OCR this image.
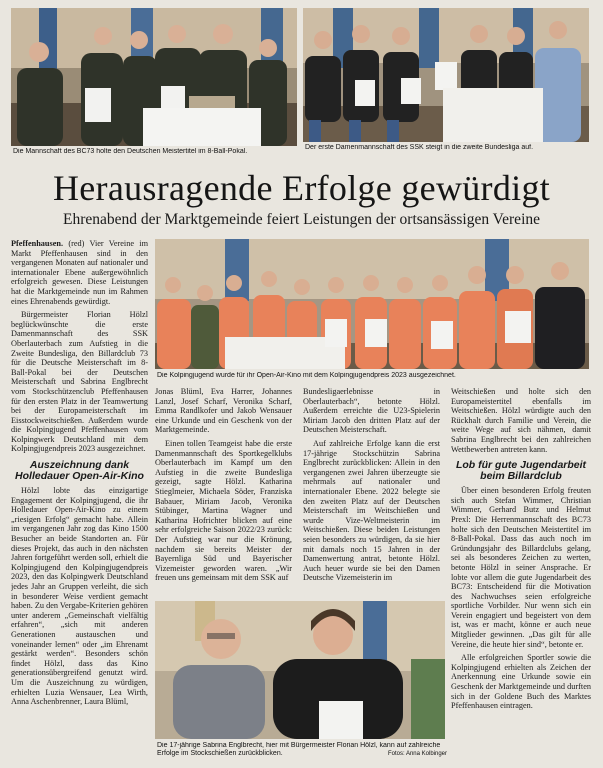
Die Mannschaft des BC73 holte den Deutschen Meistertitel im 8-Ball-Pokal.
Der erste Damenmannschaft des SSK steigt in die zweite Bundesliga auf.
Herausragende Erfolge gewürdigt
Ehrenabend der Marktgemeinde feiert Leistungen der ortsansässigen Vereine

Pfeffenhausen. (red) Vier Vereine im Markt Pfeffenhausen sind in den vergangenen Monaten auf nationaler und internationaler Ebene außergewöhnlich erfolgreich gewesen. Diese Leistungen hat die Marktgemeinde nun im Rahmen eines Ehrenabends gewürdigt.

Bürgermeister Florian Hölzl beglückwünschte die erste Damenmannschaft des SSK Oberlauterbach zum Aufstieg in die Zweite Bundesliga, den Billardclub 73 für die Deutsche Meisterschaft im 8-Ball-Pokal bei der Deutschen Meisterschaft und Sabrina Englbrecht vom Stockschützenclub Pfeffenhausen für den ersten Platz in der Teamwertung bei der Europameisterschaft im Eisstockweitschießen. Außerdem wurde die Kolpingjugend Pfeffenhausen vom Kolpingwerk Deutschland mit dem Kolpingjugendpreis 2023 ausgezeichnet.

Auszeichnung dank Holledauer Open-Air-Kino

Hölzl lobte das einzigartige Engagement der Kolpingjugend, die ihr Holledauer Open-Air-Kino zu einem „riesigen Erfolg“ gemacht habe. Allein im vergangenen Jahr zog das Kino 1500 Besucher an beide Standorten an. Für dieses Projekt, das auch in den nächsten Jahren fortgeführt werden soll, erhielt die Kolpingjugend den Kolpingjugendpreis 2023, den das Kolpingwerk Deutschland jedes Jahr an Gruppen verleiht, die sich in besonderer Weise verdient gemacht haben. Zu den Vergabe-Kriterien gehören unter anderem „Gemeinschaft vielfältig erfahren“, „sich mit anderen Generationen austauschen und voneinander lernen“ oder „im Ehrenamt gestärkt werden“. Besonders schön findet Hölzl, dass das Kino generationsübergreifend genutzt wird. Um die Auszeichnung zu würdigen, erhielten Luzia Wensauer, Lea Wirth, Anna Aschenbrenner, Laura Blüml,

Die Kolpingjugend wurde für ihr Open-Air-Kino mit dem Kolpingjugendpreis 2023 ausgezeichnet.

Jonas Blüml, Eva Harrer, Johannes Lanzl, Josef Scharf, Veronika Scharf, Emma Randlkofer und Jakob Wensauer eine Urkunde und ein Geschenk von der Marktgemeinde.

Einen tollen Teamgeist habe die erste Damenmannschaft des Sportkegelklubs Oberlauterbach im Kampf um den Aufstieg in die zweite Bundesliga gezeigt, sagte Hölzl. Katharina Stieglmeier, Michaela Söder, Franziska Babauer, Miriam Jacob, Veronika Stübinger, Martina Wagner und Katharina Hofrichter blicken auf eine sehr erfolgreiche Saison 2022/23 zurück: Der Aufstieg war nur die Krönung, nachdem sie bereits Meister der Bayernliga Süd und Bayerischer Vizemeister geworden waren. „Wir freuen uns gemeinsam mit dem SSK auf

Bundesligaerlebnisse in Oberlauterbach“, betonte Hölzl. Außerdem erreichte die U23-Spielerin Miriam Jacob den dritten Platz auf der Deutschen Meisterschaft.

Auf zahlreiche Erfolge kann die erst 17-jährige Stockschützin Sabrina Englbrecht zurückblicken: Allein in den vergangenen zwei Jahren überzeugte sie mehrmals auf nationaler und internationaler Ebene. 2022 belegte sie den zweiten Platz auf der Deutschen Meisterschaft im Weitschießen und wurde Vize-Weltmeisterin im Weitschießen. Diese beiden Leistungen seien besonders zu würdigen, da sie hier mit damals noch 15 Jahren in der Damenwertung antrat, betonte Hölzl. Auch heuer wurde sie bei den Damen Deutsche Vizemeisterin im

Weitschießen und holte sich den Europameistertitel ebenfalls im Weitschießen. Hölzl würdigte auch den Rückhalt durch Familie und Verein, die weite Wege auf sich nähmen, damit Sabrina Englbrecht bei den zahlreichen Wettbewerben antreten kann.

Lob für gute Jugendarbeit beim Billardclub

Über einen besonderen Erfolg freuten sich auch Stefan Wimmer, Christian Wimmer, Gerhard Butz und Helmut Prexl: Die Herrenmannschaft des BC73 holte sich den Deutschen Meistertitel im 8-Ball-Pokal. Dass das auch noch im Gründungsjahr des Billardclubs gelang, sei als besonderes Zeichen zu werten, betonte Hölzl in seiner Ansprache. Er lobte vor allem die gute Jugendarbeit des BC73: Entscheidend für die Motivation des Nachwuchses seien erfolgreiche sportliche Vorbilder. Nur wenn sich ein Verein engagiert und begeistert von dem ist, was er macht, könne er auch neue Mitglieder gewinnen. „Das gilt für alle Vereine, die heute hier sind“, betonte er.

Alle erfolgreichen Sportler sowie die Kolpingjugend erhielten als Zeichen der Anerkennung eine Urkunde sowie ein Geschenk der Marktgemeinde und durften sich in der Goldene Buch des Marktes Pfeffenhausen eintragen.

Die 17-jährige Sabrina Englbrecht, hier mit Bürgermeister Florian Hölzl, kann auf zahlreiche Erfolge im Stockschießen zurückblicken.	Fotos: Anna Kolbinger
